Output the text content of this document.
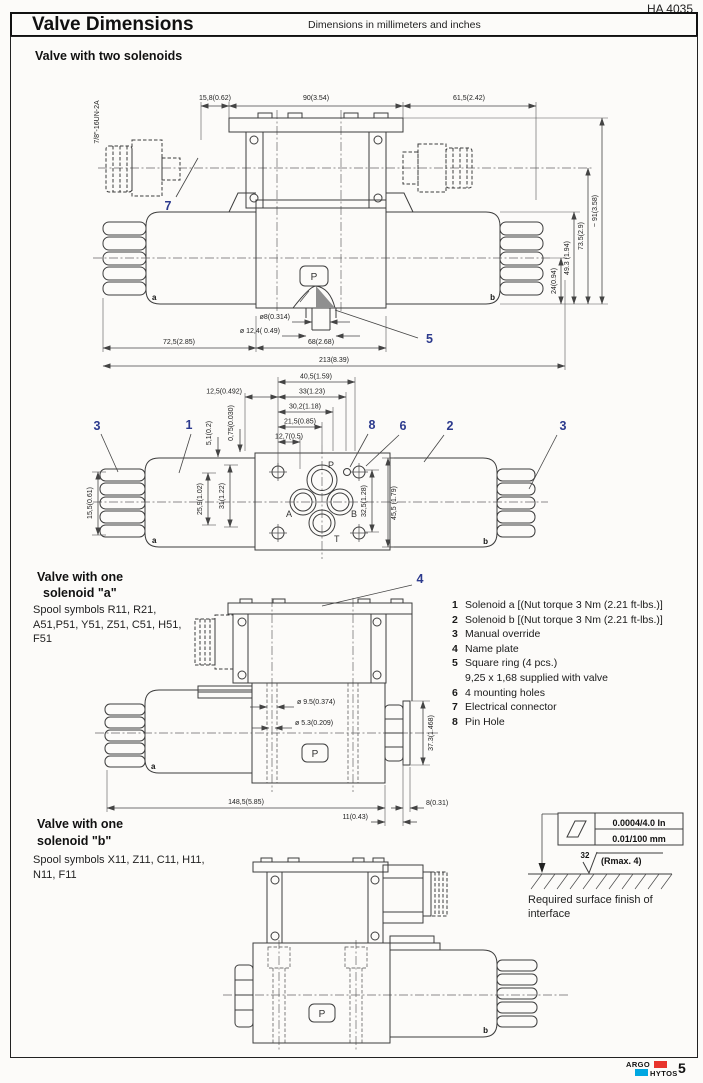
HA 4035
Valve Dimensions	Dimensions in millimeters and inches
Valve with two solenoids
P
a	b
7
5
7/8"-16UN-2A
15,8(0.62)	90(3.54)	61,5(2.42)
24(0.94)
49.3 (1.94)
73.5(2.9)
~ 91(3.58)
ø8(0.314)
ø 12,4( 0.49)
72,5(2.85)	68(2.68)
213(8.39)
P
A	B
T
a	b
40,5(1.59)
33(1.23)
12,5(0.492)
30,2(1.18)
21,5(0.85)
12,7(0.5)
5,1(0.2) 0,75(0.030)
15,5(0.61)	25,9(1.02) 31(1.22)	32,5(1.28)	45,5 (1.79)
3	1	8 6	2	3
Valve with one
solenoid "a"
Spool symbols R11, R21, A51,P51, Y51, Z51, C51, H51, F51
P
a
4
ø 9.5(0.374)
ø 5.3(0.209)	37.3(1.468)
148,5(5.85)
11(0.43)
8(0.31)
1 Solenoid a [(Nut torque 3 Nm (2.21 ft-lbs.)]
2 Solenoid b [(Nut torque 3 Nm (2.21 ft-lbs.)]
3 Manual override
4 Name plate
5 Square ring (4 pcs.)
9,25 x 1,68 supplied with valve
6 4 mounting holes
7 Electrical connector
8 Pin Hole
Valve with one
solenoid "b"
Spool symbols X11, Z11, C11, H11, N11, F11
0.0004/4.0 In
0.01/100 mm
32
(Rmax. 4)
Required surface finish of
interface
P
b
ARGO
HYTOS 5
